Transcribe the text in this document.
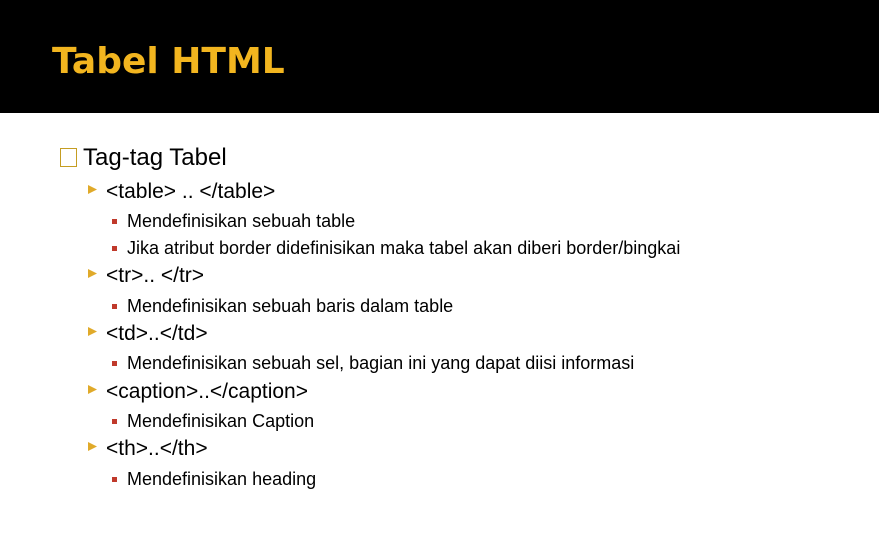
Tabel HTML
Tag-tag Tabel
<table> .. </table>
Mendefinisikan sebuah table
Jika atribut border didefinisikan maka tabel akan diberi border/bingkai
<tr>.. </tr>
Mendefinisikan sebuah baris dalam table
<td>..</td>
Mendefinisikan sebuah sel, bagian ini yang dapat diisi informasi
<caption>..</caption>
Mendefinisikan Caption
<th>..</th>
Mendefinisikan heading
